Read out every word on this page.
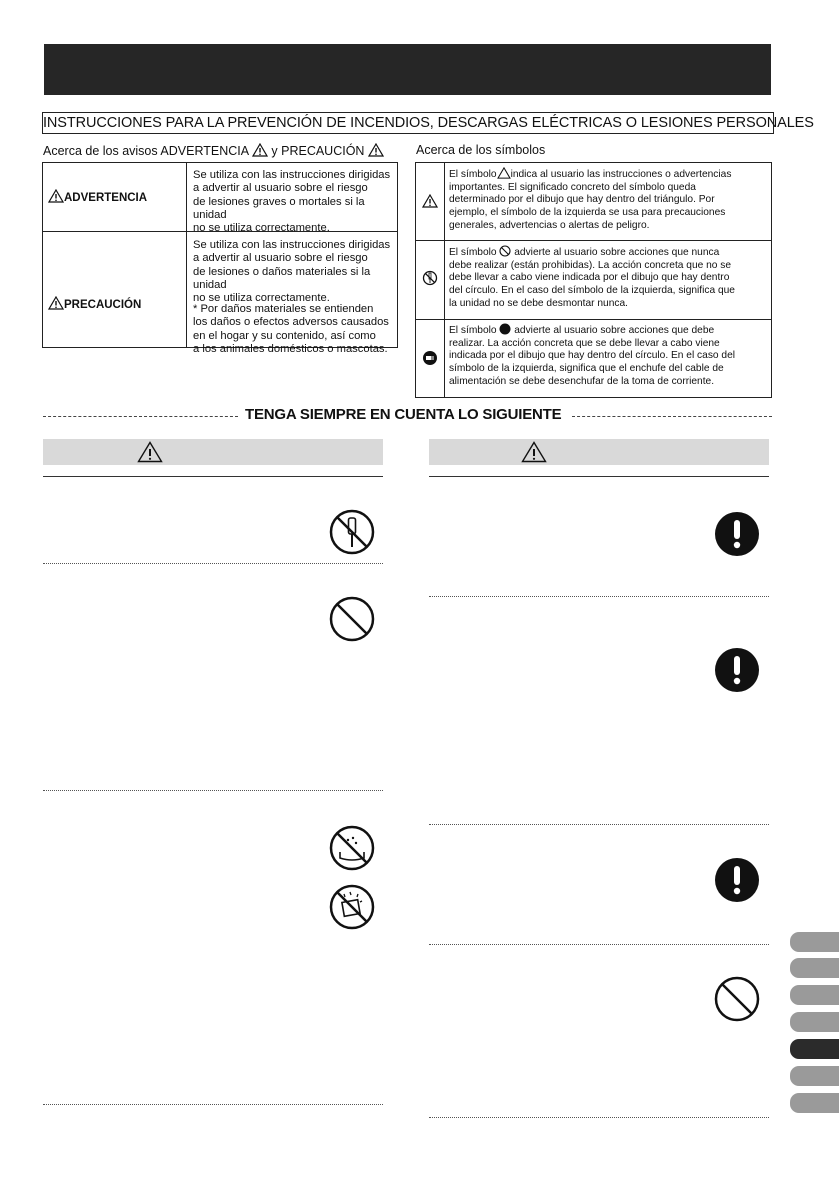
INSTRUCCIONES PARA LA PREVENCIÓN DE INCENDIOS, DESCARGAS ELÉCTRICAS O LESIONES PERSONALES
Acerca de los avisos ADVERTENCIA y PRECAUCIÓN
ADVERTENCIA
Se utiliza con las instrucciones dirigidas
a advertir al usuario sobre el riesgo
de lesiones graves o mortales si la unidad
no se utiliza correctamente.
PRECAUCIÓN
Se utiliza con las instrucciones dirigidas
a advertir al usuario sobre el riesgo
de lesiones o daños materiales si la unidad
no se utiliza correctamente.
* Por daños materiales se entienden
los daños o efectos adversos causados
en el hogar y su contenido, así como
a los animales domésticos o mascotas.
Acerca de los símbolos
El símbolo indica al usuario las instrucciones o advertencias
importantes. El significado concreto del símbolo queda
determinado por el dibujo que hay dentro del triángulo. Por
ejemplo, el símbolo de la izquierda se usa para precauciones
generales, advertencias o alertas de peligro.
El símbolo advierte al usuario sobre acciones que nunca
debe realizar (están prohibidas). La acción concreta que no se
debe llevar a cabo viene indicada por el dibujo que hay dentro
del círculo. En el caso del símbolo de la izquierda, significa que
la unidad no se debe desmontar nunca.
El símbolo advierte al usuario sobre acciones que debe
realizar. La acción concreta que se debe llevar a cabo viene
indicada por el dibujo que hay dentro del círculo. En el caso del
símbolo de la izquierda, significa que el enchufe del cable de
alimentación se debe desenchufar de la toma de corriente.
TENGA SIEMPRE EN CUENTA LO SIGUIENTE
